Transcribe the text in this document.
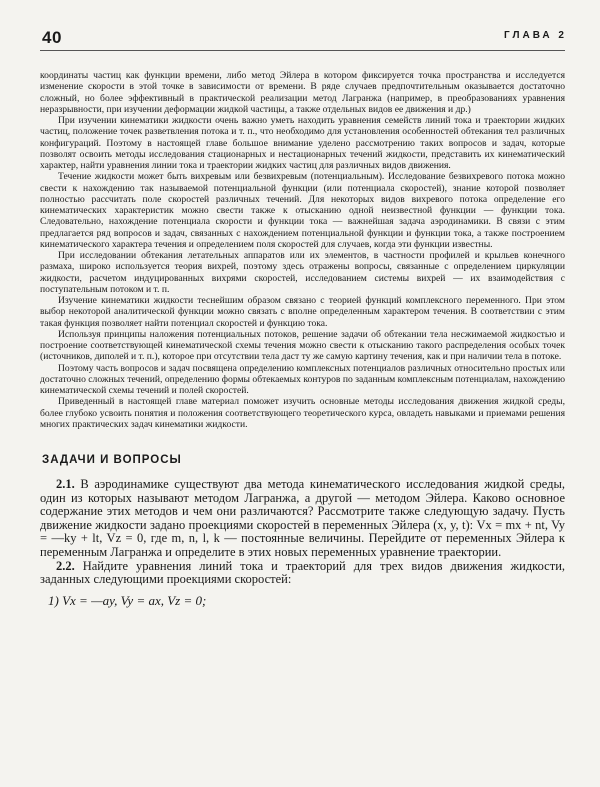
40	ГЛАВА 2

координаты частиц как функции времени, либо метод Эйлера в котором фиксируется точка пространства и исследуется изменение скорости в этой точке в зависимости от времени. В ряде случаев предпочтительным оказывается достаточно сложный, но более эффективный в практической реализации метод Лагранжа (например, в преобразованиях уравнения неразрывности, при изучении деформации жидкой частицы, а также отдельных видов ее движения и др.)

При изучении кинематики жидкости очень важно уметь находить уравнения семейств линий тока и траектории жидких частиц, положение точек разветвления потока и т. п., что необходимо для установления особенностей обтекания тел различных конфигураций. Поэтому в настоящей главе большое внимание уделено рассмотрению таких вопросов и задач, которые позволят освоить методы исследования стационарных и нестационарных течений жидкости, представить их кинематический характер, найти уравнения линии тока и траектории жидких частиц для различных видов движения.

Течение жидкости может быть вихревым или безвихревым (потенциальным). Исследование безвихревого потока можно свести к нахождению так называемой потенциальной функции (или потенциала скоростей), знание которой позволяет полностью рассчитать поле скоростей различных течений. Для некоторых видов вихревого потока определение его кинематических характеристик можно свести также к отысканию одной неизвестной функции — функции тока. Следовательно, нахождение потенциала скорости и функции тока — важнейшая задача аэродинамики. В связи с этим предлагается ряд вопросов и задач, связанных с нахождением потенциальной функции и функции тока, а также построением кинематического характера течения и определением поля скоростей для случаев, когда эти функции известны.

При исследовании обтекания летательных аппаратов или их элементов, в частности профилей и крыльев конечного размаха, широко используется теория вихрей, поэтому здесь отражены вопросы, связанные с определением циркуляции жидкости, расчетом индуцированных вихрями скоростей, исследованием системы вихрей — их взаимодействия с поступательным потоком и т. п.

Изучение кинематики жидкости теснейшим образом связано с теорией функций комплексного переменного. При этом выбор некоторой аналитической функции можно связать с вполне определенным характером течения. В соответствии с этим такая функция позволяет найти потенциал скоростей и функцию тока.

Используя принципы наложения потенциальных потоков, решение задачи об обтекании тела несжимаемой жидкостью и построение соответствующей кинематической схемы течения можно свести к отысканию такого распределения особых точек (источников, диполей и т. п.), которое при отсутствии тела даст ту же самую картину течения, как и при наличии тела в потоке.

Поэтому часть вопросов и задач посвящена определению комплексных потенциалов различных относительно простых или достаточно сложных течений, определению формы обтекаемых контуров по заданным комплексным потенциалам, нахождению кинематической схемы течений и полей скоростей.

Приведенный в настоящей главе материал поможет изучить основные методы исследования движения жидкой среды, более глубоко усвоить понятия и положения соответствующего теоретического курса, овладеть навыками и приемами решения многих практических задач кинематики жидкости.

ЗАДАЧИ И ВОПРОСЫ

2.1. В аэродинамике существуют два метода кинематического исследования жидкой среды, один из которых называют методом Лагранжа, а другой — методом Эйлера. Каково основное содержание этих методов и чем они различаются? Рассмотрите также следующую задачу. Пусть движение жидкости задано проекциями скоростей в переменных Эйлера (x, y, t): Vx = mx + nt, Vy = —ky + lt, Vz = 0, где m, n, l, k — постоянные величины. Перейдите от переменных Эйлера к переменным Лагранжа и определите в этих новых переменных уравнение траектории.

2.2. Найдите уравнения линий тока и траекторий для трех видов движения жидкости, заданных следующими проекциями скоростей:

1) Vx = —ay, Vy = ax, Vz = 0;
